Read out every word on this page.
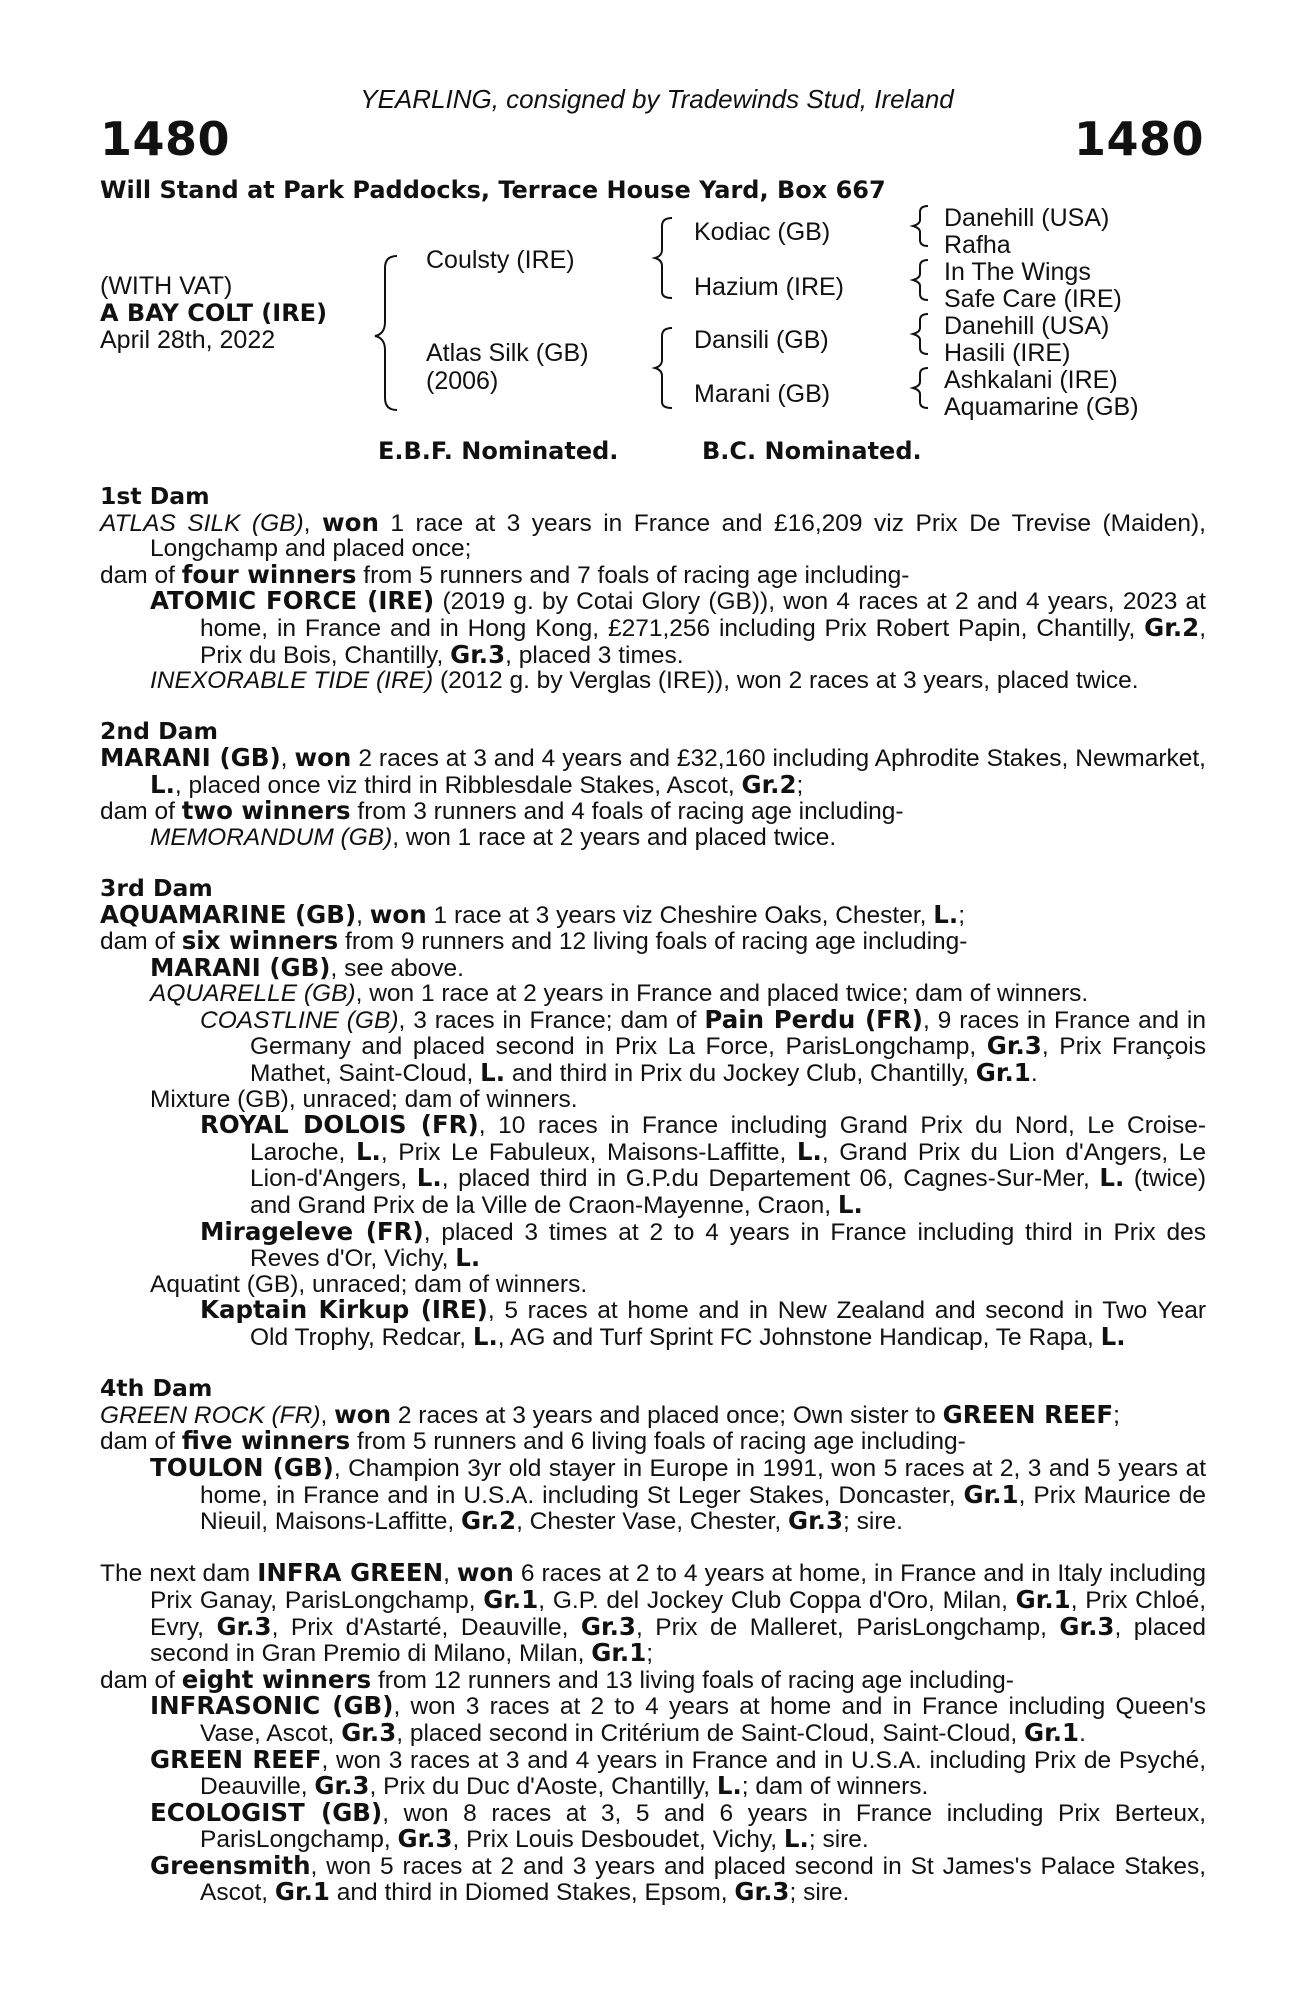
YEARLING, consigned by Tradewinds Stud, Ireland
1480	1480
Will Stand at Park Paddocks, Terrace House Yard, Box 667
(WITH VAT)
A BAY COLT (IRE)
April 28th, 2022
Coulsty (IRE)
Atlas Silk (GB)
(2006)
Kodiac (GB)
Hazium (IRE)
Dansili (GB)
Marani (GB)
Danehill (USA)
Rafha
In The Wings
Safe Care (IRE)
Danehill (USA)
Hasili (IRE)
Ashkalani (IRE)
Aquamarine (GB)
E.B.F. Nominated.	B.C. Nominated.

1st Dam

ATLAS SILK (GB), won 1 race at 3 years in France and £16,209 viz Prix De Trevise (Maiden), Longchamp and placed once;

dam of four winners from 5 runners and 7 foals of racing age including-

ATOMIC FORCE (IRE) (2019 g. by Cotai Glory (GB)), won 4 races at 2 and 4 years, 2023 at home, in France and in Hong Kong, £271,256 including Prix Robert Papin, Chantilly, Gr.2, Prix du Bois, Chantilly, Gr.3, placed 3 times.

INEXORABLE TIDE (IRE) (2012 g. by Verglas (IRE)), won 2 races at 3 years, placed twice.

2nd Dam

MARANI (GB), won 2 races at 3 and 4 years and £32,160 including Aphrodite Stakes, Newmarket, L., placed once viz third in Ribblesdale Stakes, Ascot, Gr.2;

dam of two winners from 3 runners and 4 foals of racing age including-

MEMORANDUM (GB), won 1 race at 2 years and placed twice.

3rd Dam

AQUAMARINE (GB), won 1 race at 3 years viz Cheshire Oaks, Chester, L.;

dam of six winners from 9 runners and 12 living foals of racing age including-

MARANI (GB), see above.

AQUARELLE (GB), won 1 race at 2 years in France and placed twice; dam of winners.

COASTLINE (GB), 3 races in France; dam of Pain Perdu (FR), 9 races in France and in Germany and placed second in Prix La Force, ParisLongchamp, Gr.3, Prix François Mathet, Saint-Cloud, L. and third in Prix du Jockey Club, Chantilly, Gr.1.

Mixture (GB), unraced; dam of winners.

ROYAL DOLOIS (FR), 10 races in France including Grand Prix du Nord, Le Croise-Laroche, L., Prix Le Fabuleux, Maisons-Laffitte, L., Grand Prix du Lion d'Angers, Le Lion-d'Angers, L., placed third in G.P.du Departement 06, Cagnes-Sur-Mer, L. (twice) and Grand Prix de la Ville de Craon-Mayenne, Craon, L.

Mirageleve (FR), placed 3 times at 2 to 4 years in France including third in Prix des Reves d'Or, Vichy, L.

Aquatint (GB), unraced; dam of winners.

Kaptain Kirkup (IRE), 5 races at home and in New Zealand and second in Two Year Old Trophy, Redcar, L., AG and Turf Sprint FC Johnstone Handicap, Te Rapa, L.

4th Dam

GREEN ROCK (FR), won 2 races at 3 years and placed once; Own sister to GREEN REEF;

dam of five winners from 5 runners and 6 living foals of racing age including-

TOULON (GB), Champion 3yr old stayer in Europe in 1991, won 5 races at 2, 3 and 5 years at home, in France and in U.S.A. including St Leger Stakes, Doncaster, Gr.1, Prix Maurice de Nieuil, Maisons-Laffitte, Gr.2, Chester Vase, Chester, Gr.3; sire.

The next dam INFRA GREEN, won 6 races at 2 to 4 years at home, in France and in Italy including Prix Ganay, ParisLongchamp, Gr.1, G.P. del Jockey Club Coppa d'Oro, Milan, Gr.1, Prix Chloé, Evry, Gr.3, Prix d'Astarté, Deauville, Gr.3, Prix de Malleret, ParisLongchamp, Gr.3, placed second in Gran Premio di Milano, Milan, Gr.1;

dam of eight winners from 12 runners and 13 living foals of racing age including-

INFRASONIC (GB), won 3 races at 2 to 4 years at home and in France including Queen's Vase, Ascot, Gr.3, placed second in Critérium de Saint-Cloud, Saint-Cloud, Gr.1.

GREEN REEF, won 3 races at 3 and 4 years in France and in U.S.A. including Prix de Psyché, Deauville, Gr.3, Prix du Duc d'Aoste, Chantilly, L.; dam of winners.

ECOLOGIST (GB), won 8 races at 3, 5 and 6 years in France including Prix Berteux, ParisLongchamp, Gr.3, Prix Louis Desboudet, Vichy, L.; sire.

Greensmith, won 5 races at 2 and 3 years and placed second in St James's Palace Stakes, Ascot, Gr.1 and third in Diomed Stakes, Epsom, Gr.3; sire.
